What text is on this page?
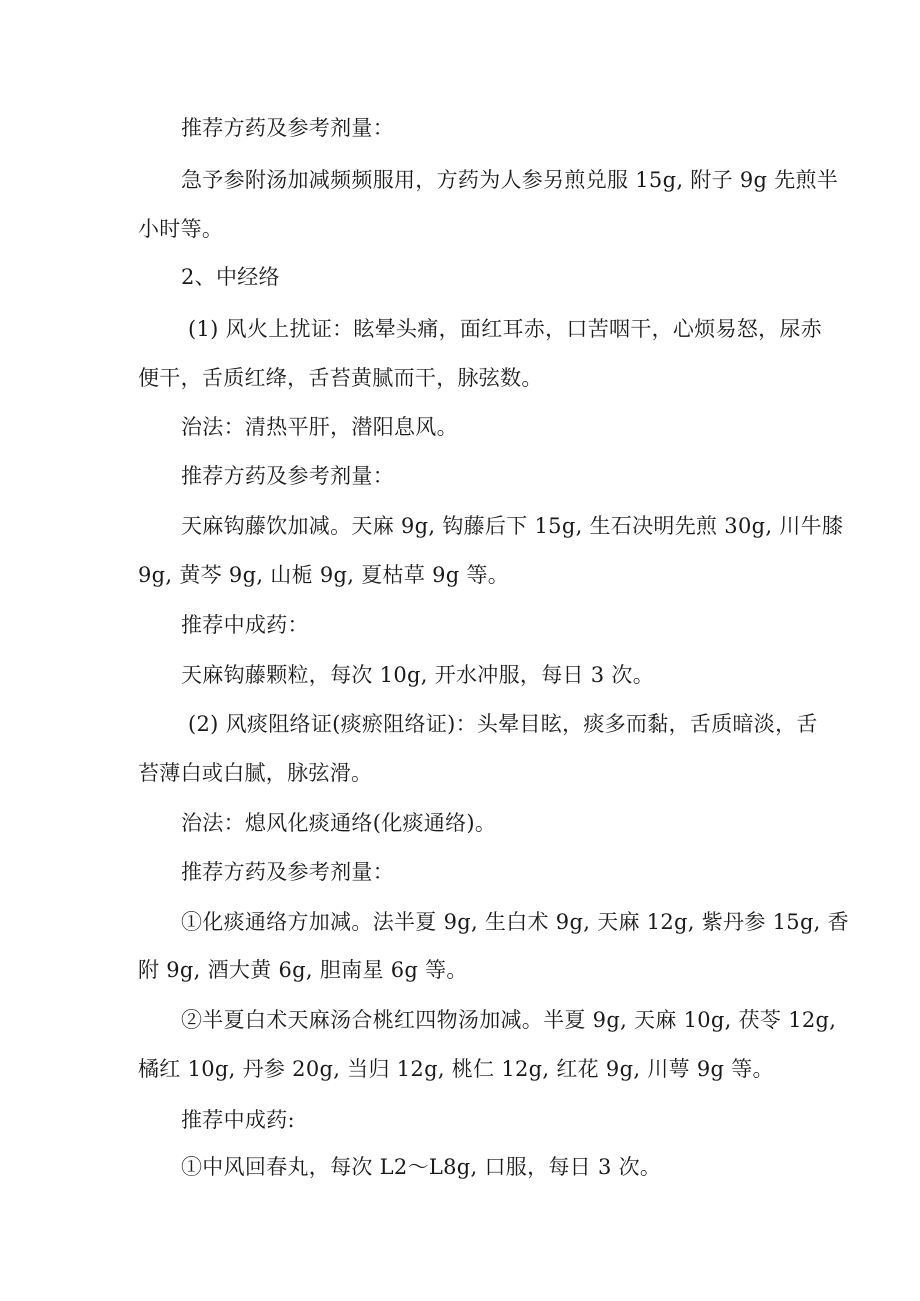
推荐方药及参考剂量：
急予参附汤加减频频服用，方药为人参另煎兑服 15g, 附子 9g 先煎半
小时等。
2、中经络
(1) 风火上扰证：眩晕头痛，面红耳赤，口苦咽干，心烦易怒，尿赤
便干，舌质红绛，舌苔黄腻而干，脉弦数。
治法：清热平肝，潜阳息风。
推荐方药及参考剂量：
天麻钩藤饮加减。天麻 9g, 钩藤后下 15g, 生石决明先煎 30g, 川牛膝
9g, 黄芩 9g, 山栀 9g, 夏枯草 9g 等。
推荐中成药：
天麻钩藤颗粒，每次 10g, 开水冲服，每日 3 次。
(2) 风痰阻络证(痰瘀阻络证)：头晕目眩，痰多而黏，舌质暗淡，舌
苔薄白或白腻，脉弦滑。
治法：熄风化痰通络(化痰通络)。
推荐方药及参考剂量：
①化痰通络方加减。法半夏 9g, 生白术 9g, 天麻 12g, 紫丹参 15g, 香
附 9g, 酒大黄 6g, 胆南星 6g 等。
②半夏白术天麻汤合桃红四物汤加减。半夏 9g, 天麻 10g, 茯苓 12g,
橘红 10g, 丹参 20g, 当归 12g, 桃仁 12g, 红花 9g, 川萼 9g 等。
推荐中成药:
①中风回春丸，每次 L2～L8g, 口服，每日 3 次。
